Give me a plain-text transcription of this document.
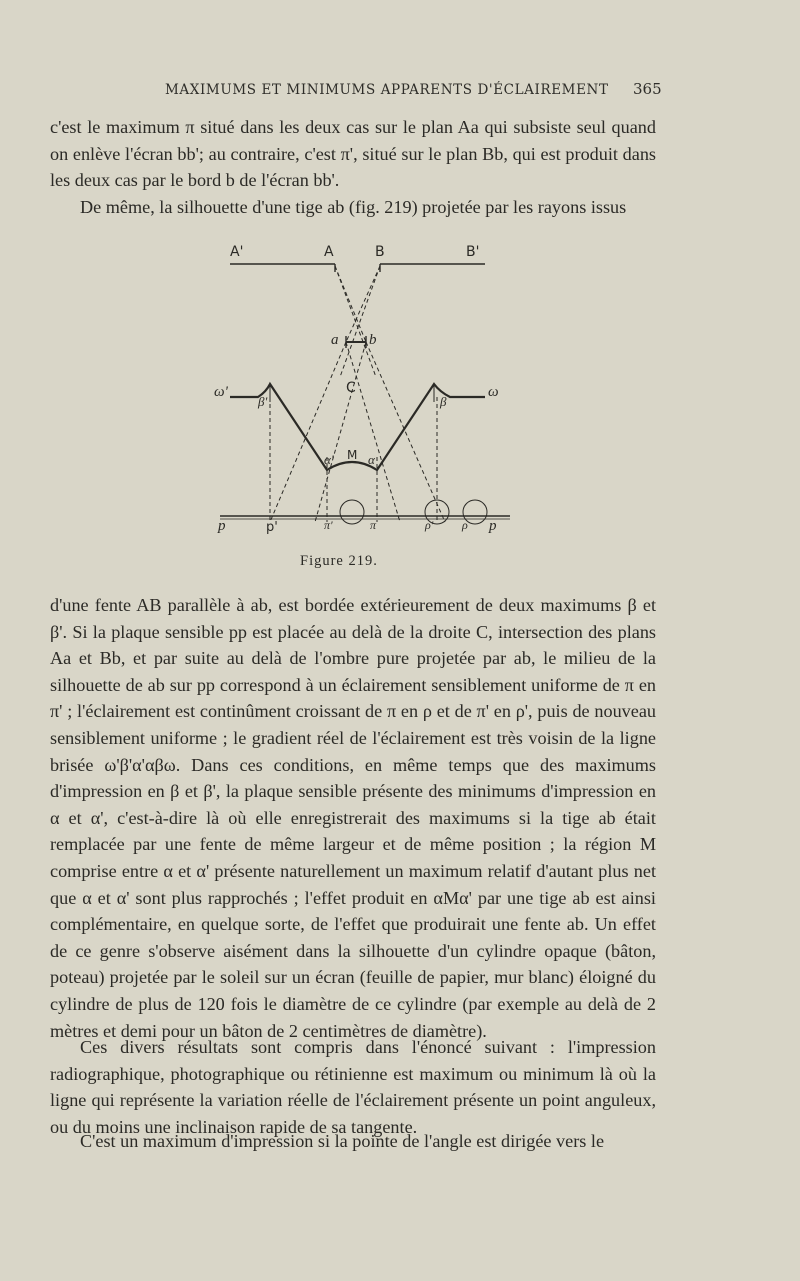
MAXIMUMS ET MINIMUMS APPARENTS D'ÉCLAIREMENT 365

c'est le maximum π situé dans les deux cas sur le plan Aa qui subsiste seul quand on enlève l'écran bb'; au contraire, c'est π', situé sur le plan Bb, qui est produit dans les deux cas par le bord b de l'écran bb'.
De même, la silhouette d'une tige ab (fig. 219) projetée par les rayons issus

A'	A	B	B'
a b
C
ω'	ω
β'	β
α' M α
p	p'	π'	π	ρ' ρ p
Figure 219.

d'une fente AB parallèle à ab, est bordée extérieurement de deux maximums β et β'. Si la plaque sensible pp est placée au delà de la droite C, intersection des plans Aa et Bb, et par suite au delà de l'ombre pure projetée par ab, le milieu de la silhouette de ab sur pp correspond à un éclairement sensiblement uniforme de π en π' ; l'éclairement est continûment croissant de π en ρ et de π' en ρ', puis de nouveau sensiblement uniforme ; le gradient réel de l'éclairement est très voisin de la ligne brisée ω'β'α'αβω. Dans ces conditions, en même temps que des maximums d'impression en β et β', la plaque sensible présente des minimums d'impression en α et α', c'est-à-dire là où elle enregistrerait des maximums si la tige ab était remplacée par une fente de même largeur et de même position ; la région M comprise entre α et α' présente naturellement un maximum relatif d'autant plus net que α et α' sont plus rapprochés ; l'effet produit en αMα' par une tige ab est ainsi complémentaire, en quelque sorte, de l'effet que produirait une fente ab. Un effet de ce genre s'observe aisément dans la silhouette d'un cylindre opaque (bâton, poteau) projetée par le soleil sur un écran (feuille de papier, mur blanc) éloigné du cylindre de plus de 120 fois le diamètre de ce cylindre (par exemple au delà de 2 mètres et demi pour un bâton de 2 centimètres de diamètre).

Ces divers résultats sont compris dans l'énoncé suivant : l'impression radiographique, photographique ou rétinienne est maximum ou minimum là où la ligne qui représente la variation réelle de l'éclairement présente un point anguleux, ou du moins une inclinaison rapide de sa tangente.

C'est un maximum d'impression si la pointe de l'angle est dirigée vers le
